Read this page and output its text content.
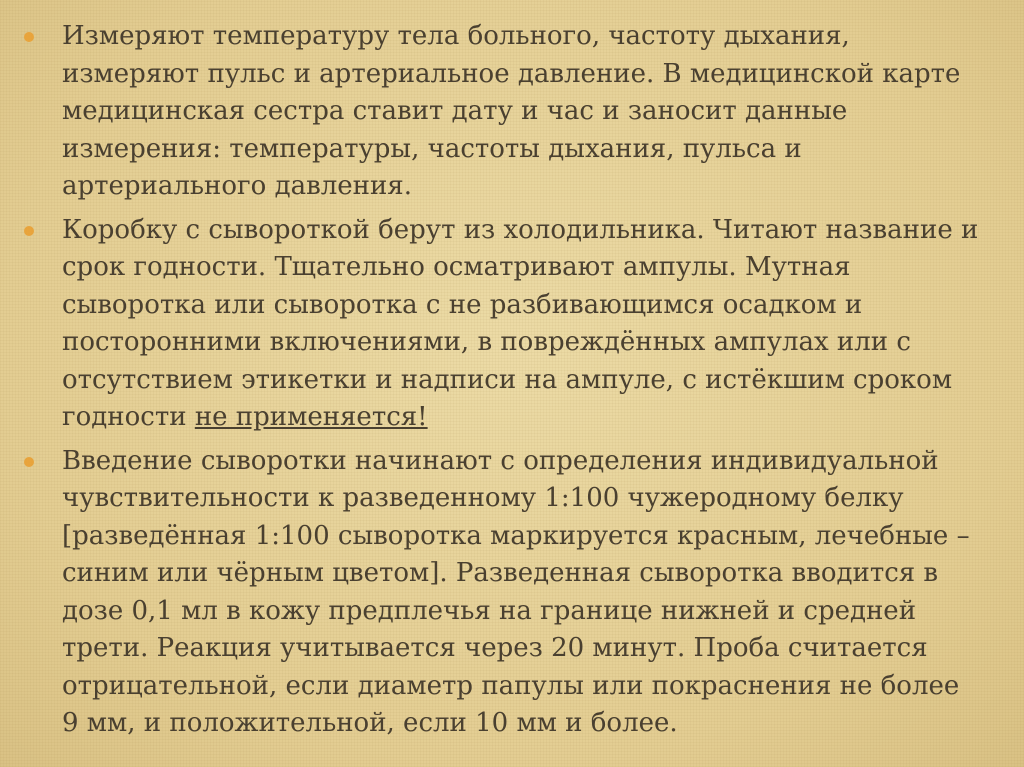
Измеряют температуру тела больного, частоту дыхания, измеряют пульс и артериальное давление. В медицинской карте медицинская сестра ставит дату и час и заносит данные измерения: температуры, частоты дыхания, пульса и артериального давления.
Коробку с сывороткой берут из холодильника. Читают название и срок годности. Тщательно осматривают ампулы. Мутная сыворотка или сыворотка с не разбивающимся осадком и посторонними включениями, в повреждённых ампулах или с отсутствием этикетки и надписи на ампуле, с истёкшим сроком годности не применяется!
Введение сыворотки начинают с определения индивидуальной чувствительности к разведенному 1:100 чужеродному белку [разведённая 1:100 сыворотка маркируется красным, лечебные – синим или чёрным цветом]. Разведенная сыворотка вводится в дозе 0,1 мл в кожу предплечья на границе нижней и средней трети. Реакция учитывается через 20 минут. Проба считается отрицательной, если диаметр папулы или покраснения не более 9 мм, и положительной, если 10 мм и более.
